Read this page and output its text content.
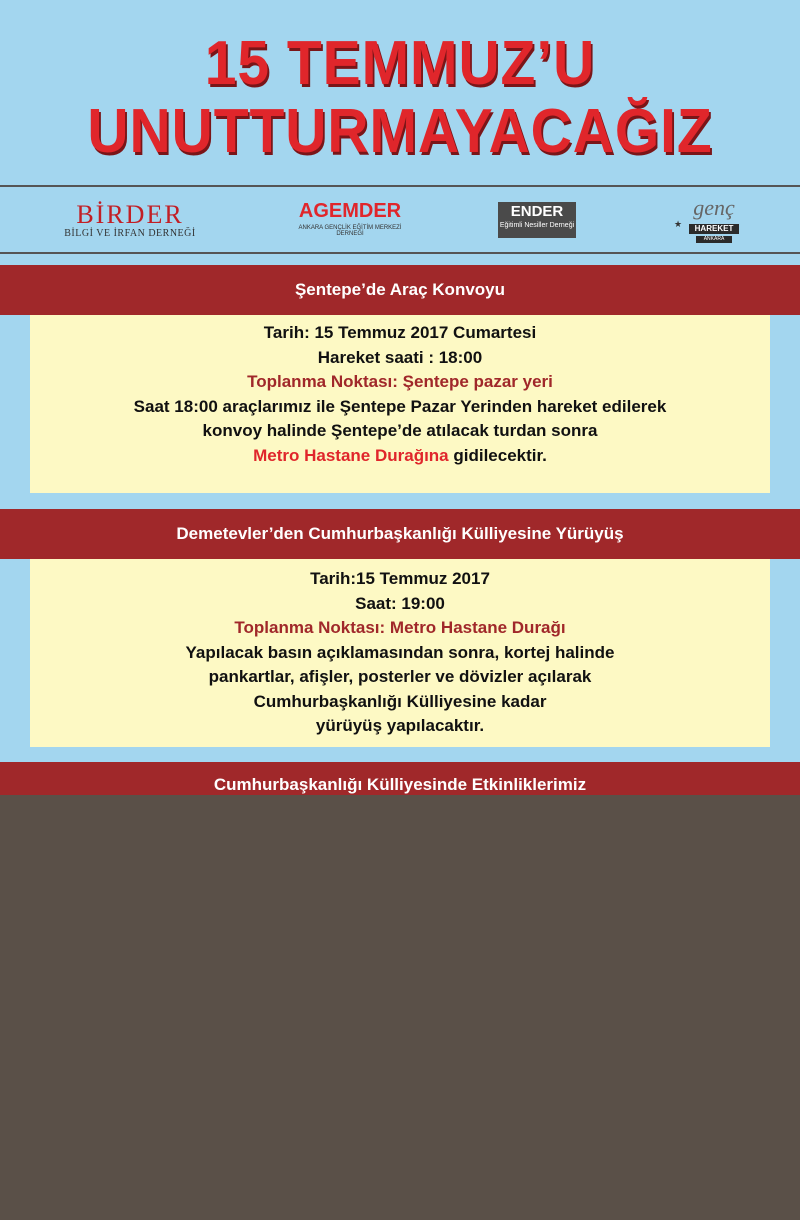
15 TEMMUZ’U
UNUTTURMAYACAĞIZ
BİRDER
BİLGİ VE İRFAN DERNEĞİ
AGEMDER
ANKARA GENÇLİK EĞİTİM MERKEZİ DERNEĞİ
ENDER
Eğitimli Nesiller Derneği	★
genç
HAREKET
ANKARA
Şentepe’de Araç Konvoyu
Tarih: 15 Temmuz 2017 Cumartesi
Hareket saati : 18:00
Toplanma Noktası: Şentepe pazar yeri
Saat 18:00 araçlarımız ile Şentepe Pazar Yerinden hareket edilerek
konvoy halinde Şentepe’de atılacak turdan sonra
Metro Hastane Durağına gidilecektir.
Demetevler’den Cumhurbaşkanlığı Külliyesine Yürüyüş
Tarih:15 Temmuz 2017
Saat: 19:00
Toplanma Noktası: Metro Hastane Durağı
Yapılacak basın açıklamasından sonra, kortej halinde
pankartlar, afişler, posterler ve dövizler açılarak
Cumhurbaşkanlığı Külliyesine kadar
yürüyüş yapılacaktır.
Cumhurbaşkanlığı Külliyesinde Etkinliklerimiz
